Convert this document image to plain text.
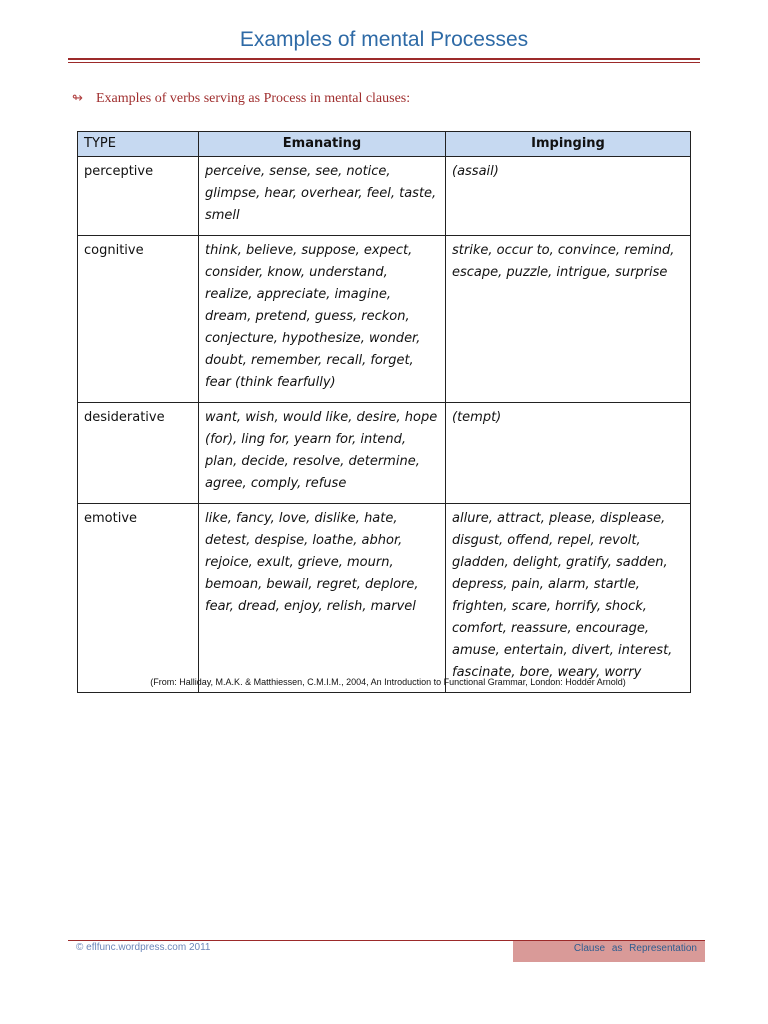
Examples of mental Processes
↬ Examples of verbs serving as Process in mental clauses:
TYPE	Emanating	Impinging
perceptive	perceive, sense, see, notice, glimpse, hear, overhear, feel, taste, smell	(assail)
cognitive	think, believe, suppose, expect, consider, know, understand, realize, appreciate, imagine, dream, pretend, guess, reckon, conjecture, hypothesize, wonder, doubt, remember, recall, forget, fear (think fearfully)	strike, occur to, convince, remind, escape, puzzle, intrigue, surprise
desiderative	want, wish, would like, desire, hope (for), ling for, yearn for, intend, plan, decide, resolve, determine, agree, comply, refuse	(tempt)
emotive	like, fancy, love, dislike, hate, detest, despise, loathe, abhor, rejoice, exult, grieve, mourn, bemoan, bewail, regret, deplore, fear, dread, enjoy, relish, marvel	allure, attract, please, displease, disgust, offend, repel, revolt, gladden, delight, gratify, sadden, depress, pain, alarm, startle, frighten, scare, horrify, shock, comfort, reassure, encourage, amuse, entertain, divert, interest, fascinate, bore, weary, worry
(From: Halliday, M.A.K. & Matthiessen, C.M.I.M., 2004, An Introduction to Functional Grammar, London: Hodder Arnold)
© eflfunc.wordpress.com 2011	Clause as Representation
